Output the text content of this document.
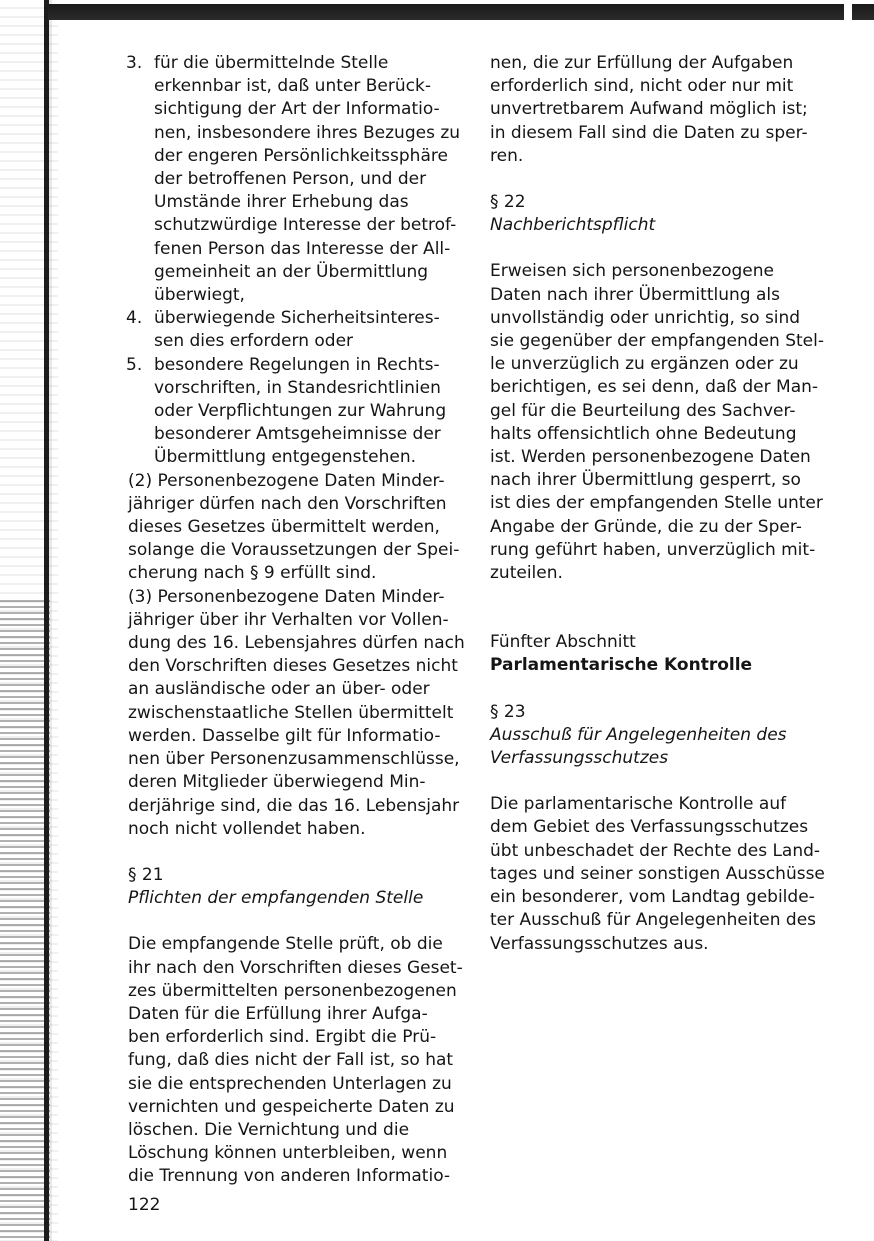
3. für die übermittelnde Stelle
erkennbar ist, daß unter Berück-
sichtigung der Art der Informatio-
nen, insbesondere ihres Bezuges zu
der engeren Persönlichkeitssphäre
der betroffenen Person, und der
Umstände ihrer Erhebung das
schutzwürdige Interesse der betrof-
fenen Person das Interesse der All-
gemeinheit an der Übermittlung
überwiegt,
4. überwiegende Sicherheitsinteres-
sen dies erfordern oder
5. besondere Regelungen in Rechts-
vorschriften, in Standesrichtlinien
oder Verpflichtungen zur Wahrung
besonderer Amtsgeheimnisse der
Übermittlung entgegenstehen.
(2) Personenbezogene Daten Minder-
jähriger dürfen nach den Vorschriften
dieses Gesetzes übermittelt werden,
solange die Voraussetzungen der Spei-
cherung nach § 9 erfüllt sind.
(3) Personenbezogene Daten Minder-
jähriger über ihr Verhalten vor Vollen-
dung des 16. Lebensjahres dürfen nach
den Vorschriften dieses Gesetzes nicht
an ausländische oder an über- oder
zwischenstaatliche Stellen übermittelt
werden. Dasselbe gilt für Informatio-
nen über Personenzusammenschlüsse,
deren Mitglieder überwiegend Min-
derjährige sind, die das 16. Lebensjahr
noch nicht vollendet haben.
§ 21
Pflichten der empfangenden Stelle
Die empfangende Stelle prüft, ob die
ihr nach den Vorschriften dieses Geset-
zes übermittelten personenbezogenen
Daten für die Erfüllung ihrer Aufga-
ben erforderlich sind. Ergibt die Prü-
fung, daß dies nicht der Fall ist, so hat
sie die entsprechenden Unterlagen zu
vernichten und gespeicherte Daten zu
löschen. Die Vernichtung und die
Löschung können unterbleiben, wenn
die Trennung von anderen Informatio-
nen, die zur Erfüllung der Aufgaben
erforderlich sind, nicht oder nur mit
unvertretbarem Aufwand möglich ist;
in diesem Fall sind die Daten zu sper-
ren.
§ 22
Nachberichtspflicht
Erweisen sich personenbezogene
Daten nach ihrer Übermittlung als
unvollständig oder unrichtig, so sind
sie gegenüber der empfangenden Stel-
le unverzüglich zu ergänzen oder zu
berichtigen, es sei denn, daß der Man-
gel für die Beurteilung des Sachver-
halts offensichtlich ohne Bedeutung
ist. Werden personenbezogene Daten
nach ihrer Übermittlung gesperrt, so
ist dies der empfangenden Stelle unter
Angabe der Gründe, die zu der Sper-
rung geführt haben, unverzüglich mit-
zuteilen.
Fünfter Abschnitt
Parlamentarische Kontrolle
§ 23
Ausschuß für Angelegenheiten des
Verfassungsschutzes
Die parlamentarische Kontrolle auf
dem Gebiet des Verfassungsschutzes
übt unbeschadet der Rechte des Land-
tages und seiner sonstigen Ausschüsse
ein besonderer, vom Landtag gebilde-
ter Ausschuß für Angelegenheiten des
Verfassungsschutzes aus.
122
